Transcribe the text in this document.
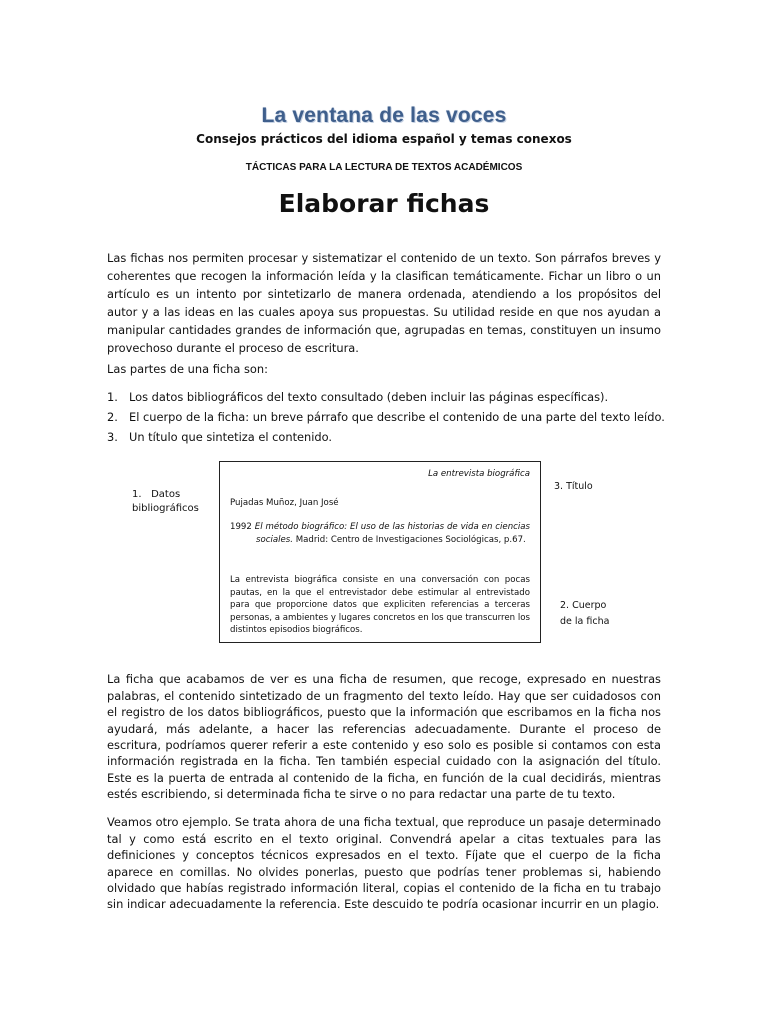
La ventana de las voces
Consejos prácticos del idioma español y temas conexos
TÁCTICAS PARA LA LECTURA DE TEXTOS ACADÉMICOS
Elaborar fichas

Las fichas nos permiten procesar y sistematizar el contenido de un texto. Son párrafos breves y coherentes que recogen la información leída y la clasifican temáticamente. Fichar un libro o un artículo es un intento por sintetizarlo de manera ordenada, atendiendo a los propósitos del autor y a las ideas en las cuales apoya sus propuestas. Su utilidad reside en que nos ayudan a manipular cantidades grandes de información que, agrupadas en temas, constituyen un insumo provechoso durante el proceso de escritura.

Las partes de una ficha son:
1. Los datos bibliográficos del texto consultado (deben incluir las páginas específicas).
2. El cuerpo de la ficha: un breve párrafo que describe el contenido de una parte del texto leído.
3. Un título que sintetiza el contenido.
1. Datos
bibliográficos
La entrevista biográfica
Pujadas Muñoz, Juan José
1992 El método biográfico: El uso de las historias de vida en ciencias sociales. Madrid: Centro de Investigaciones Sociológicas, p.67.
La entrevista biográfica consiste en una conversación con pocas pautas, en la que el entrevistador debe estimular al entrevistado para que proporcione datos que expliciten referencias a terceras personas, a ambientes y lugares concretos en los que transcurren los distintos episodios biográficos.
3. Título
2. Cuerpo
de la ficha

La ficha que acabamos de ver es una ficha de resumen, que recoge, expresado en nuestras palabras, el contenido sintetizado de un fragmento del texto leído. Hay que ser cuidadosos con el registro de los datos bibliográficos, puesto que la información que escribamos en la ficha nos ayudará, más adelante, a hacer las referencias adecuadamente. Durante el proceso de escritura, podríamos querer referir a este contenido y eso solo es posible si contamos con esta información registrada en la ficha. Ten también especial cuidado con la asignación del título. Este es la puerta de entrada al contenido de la ficha, en función de la cual decidirás, mientras estés escribiendo, si determinada ficha te sirve o no para redactar una parte de tu texto.

Veamos otro ejemplo. Se trata ahora de una ficha textual, que reproduce un pasaje determinado tal y como está escrito en el texto original. Convendrá apelar a citas textuales para las definiciones y conceptos técnicos expresados en el texto. Fíjate que el cuerpo de la ficha aparece en comillas. No olvides ponerlas, puesto que podrías tener problemas si, habiendo olvidado que habías registrado información literal, copias el contenido de la ficha en tu trabajo sin indicar adecuadamente la referencia. Este descuido te podría ocasionar incurrir en un plagio.
